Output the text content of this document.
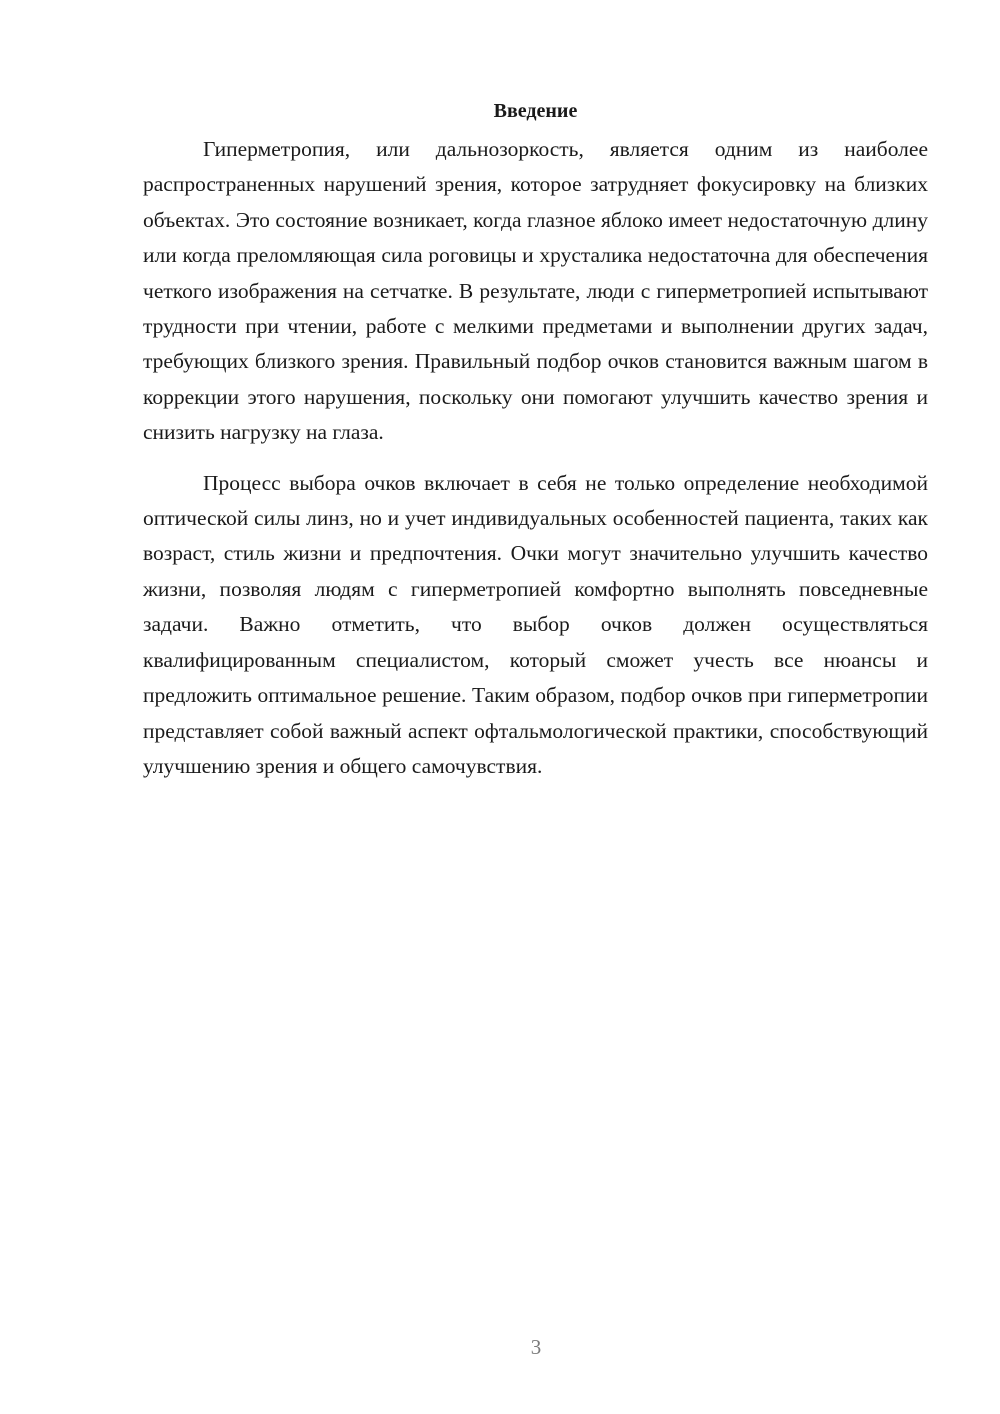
Введение

Гиперметропия, или дальнозоркость, является одним из наиболее распространенных нарушений зрения, которое затрудняет фокусировку на близких объектах. Это состояние возникает, когда глазное яблоко имеет недостаточную длину или когда преломляющая сила роговицы и хрусталика недостаточна для обеспечения четкого изображения на сетчатке. В результате, люди с гиперметропией испытывают трудности при чтении, работе с мелкими предметами и выполнении других задач, требующих близкого зрения. Правильный подбор очков становится важным шагом в коррекции этого нарушения, поскольку они помогают улучшить качество зрения и снизить нагрузку на глаза.

Процесс выбора очков включает в себя не только определение необходимой оптической силы линз, но и учет индивидуальных особенностей пациента, таких как возраст, стиль жизни и предпочтения. Очки могут значительно улучшить качество жизни, позволяя людям с гиперметропией комфортно выполнять повседневные задачи. Важно отметить, что выбор очков должен осуществляться квалифицированным специалистом, который сможет учесть все нюансы и предложить оптимальное решение. Таким образом, подбор очков при гиперметропии представляет собой важный аспект офтальмологической практики, способствующий улучшению зрения и общего самочувствия.

3
